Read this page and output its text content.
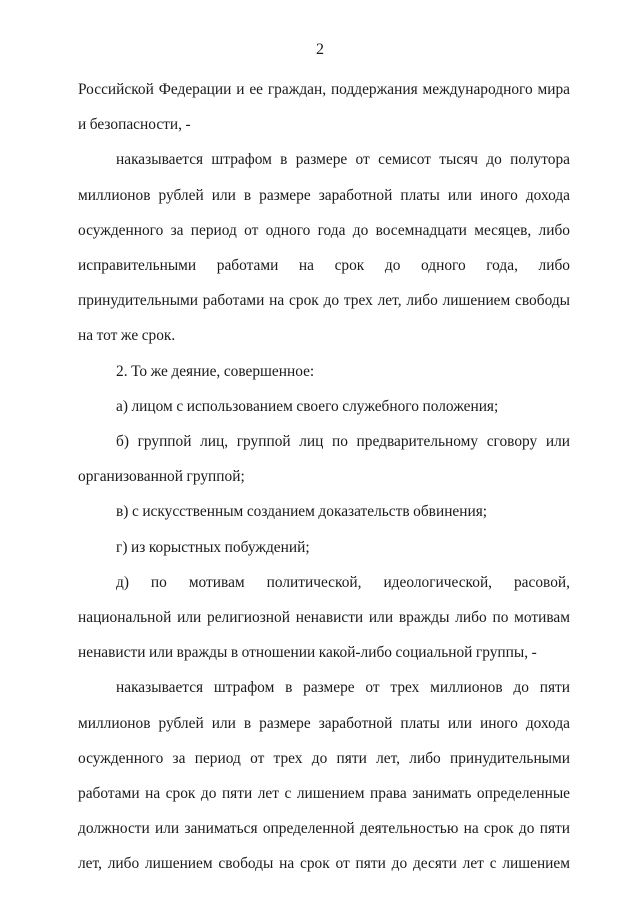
2

Российской Федерации и ее граждан, поддержания международного мира и безопасности, -

наказывается штрафом в размере от семисот тысяч до полутора миллионов рублей или в размере заработной платы или иного дохода осужденного за период от одного года до восемнадцати месяцев, либо исправительными работами на срок до одного года, либо принудительными работами на срок до трех лет, либо лишением свободы на тот же срок.

2. То же деяние, совершенное:

а) лицом с использованием своего служебного положения;

б) группой лиц, группой лиц по предварительному сговору или организованной группой;

в) с искусственным созданием доказательств обвинения;

г) из корыстных побуждений;

д) по мотивам политической, идеологической, расовой, национальной или религиозной ненависти или вражды либо по мотивам ненависти или вражды в отношении какой-либо социальной группы, -

наказывается штрафом в размере от трех миллионов до пяти миллионов рублей или в размере заработной платы или иного дохода осужденного за период от трех до пяти лет, либо принудительными работами на срок до пяти лет с лишением права занимать определенные должности или заниматься определенной деятельностью на срок до пяти лет, либо лишением свободы на срок от пяти до десяти лет с лишением
